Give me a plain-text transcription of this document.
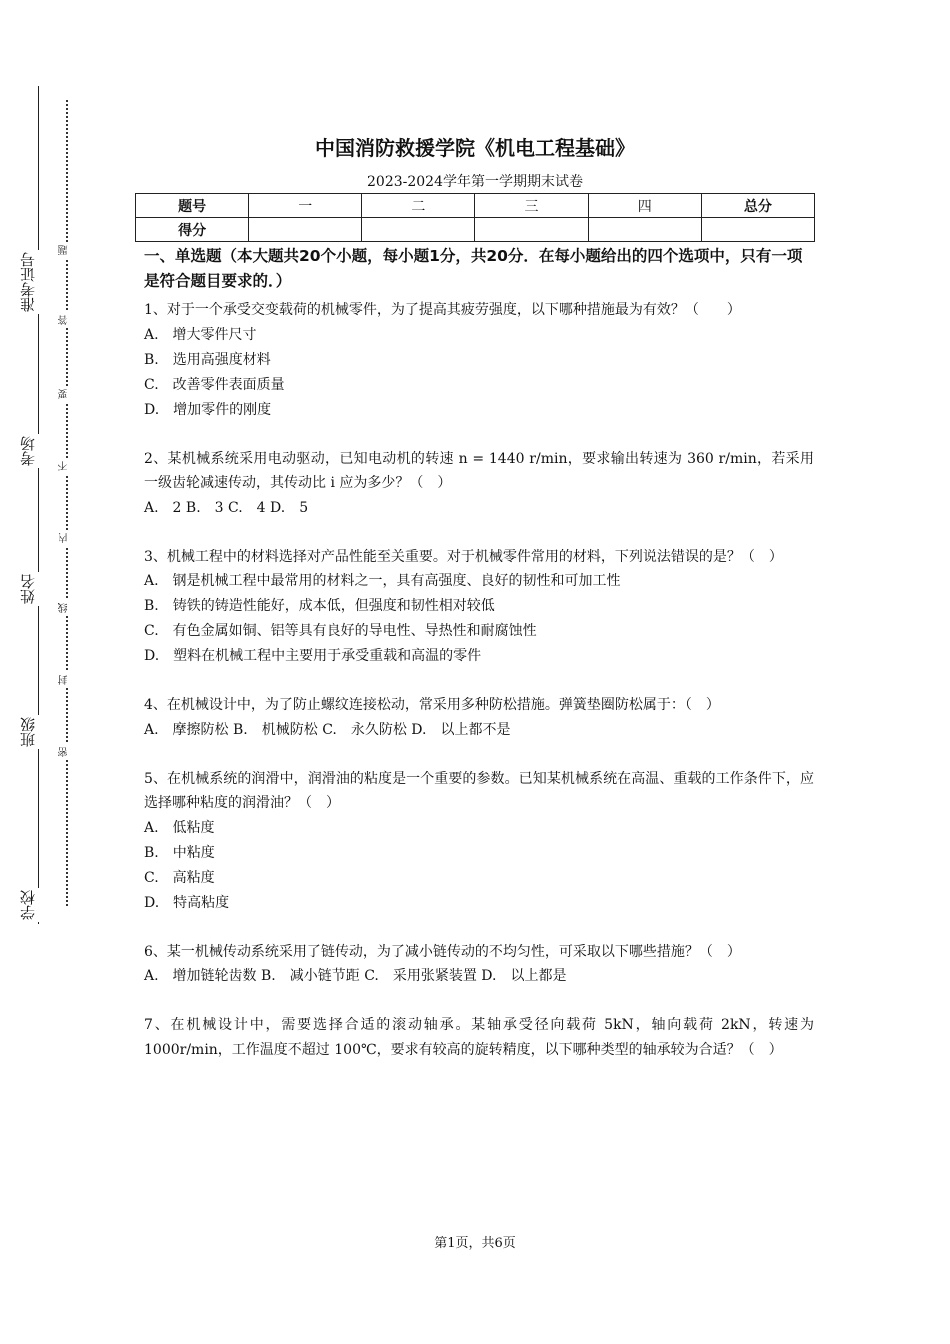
准考证号
考场
姓名
班级
学校
题
答
要
不
内
线
封
密
中国消防救援学院《机电工程基础》
2023-2024学年第一学期期末试卷
题号	一	二	三	四	总分
得分					
一、单选题（本大题共20个小题，每小题1分，共20分．在每小题给出的四个选项中，只有一项是符合题目要求的．）
1、对于一个承受交变载荷的机械零件，为了提高其疲劳强度，以下哪种措施最为有效？（　　）
A.　增大零件尺寸
B.　选用高强度材料
C.　改善零件表面质量
D.　增加零件的刚度
2、某机械系统采用电动驱动，已知电动机的转速 n = 1440 r/min，要求输出转速为 360 r/min，若采用一级齿轮减速传动，其传动比 i 应为多少？（　）
A.　2 B.　3 C.　4 D.　5
3、机械工程中的材料选择对产品性能至关重要。对于机械零件常用的材料，下列说法错误的是？（　）
A.　钢是机械工程中最常用的材料之一，具有高强度、良好的韧性和可加工性
B.　铸铁的铸造性能好，成本低，但强度和韧性相对较低
C.　有色金属如铜、铝等具有良好的导电性、导热性和耐腐蚀性
D.　塑料在机械工程中主要用于承受重载和高温的零件
4、在机械设计中，为了防止螺纹连接松动，常采用多种防松措施。弹簧垫圈防松属于：（　）
A.　摩擦防松 B.　机械防松 C.　永久防松 D.　以上都不是
5、在机械系统的润滑中，润滑油的粘度是一个重要的参数。已知某机械系统在高温、重载的工作条件下，应选择哪种粘度的润滑油？（　）
A.　低粘度
B.　中粘度
C.　高粘度
D.　特高粘度
6、某一机械传动系统采用了链传动，为了减小链传动的不均匀性，可采取以下哪些措施？（　）
A.　增加链轮齿数 B.　减小链节距 C.　采用张紧装置 D.　以上都是
7、在机械设计中，需要选择合适的滚动轴承。某轴承受径向载荷 5kN，轴向载荷 2kN，转速为 1000r/min，工作温度不超过 100℃，要求有较高的旋转精度，以下哪种类型的轴承较为合适？（　）
第1页，共6页
